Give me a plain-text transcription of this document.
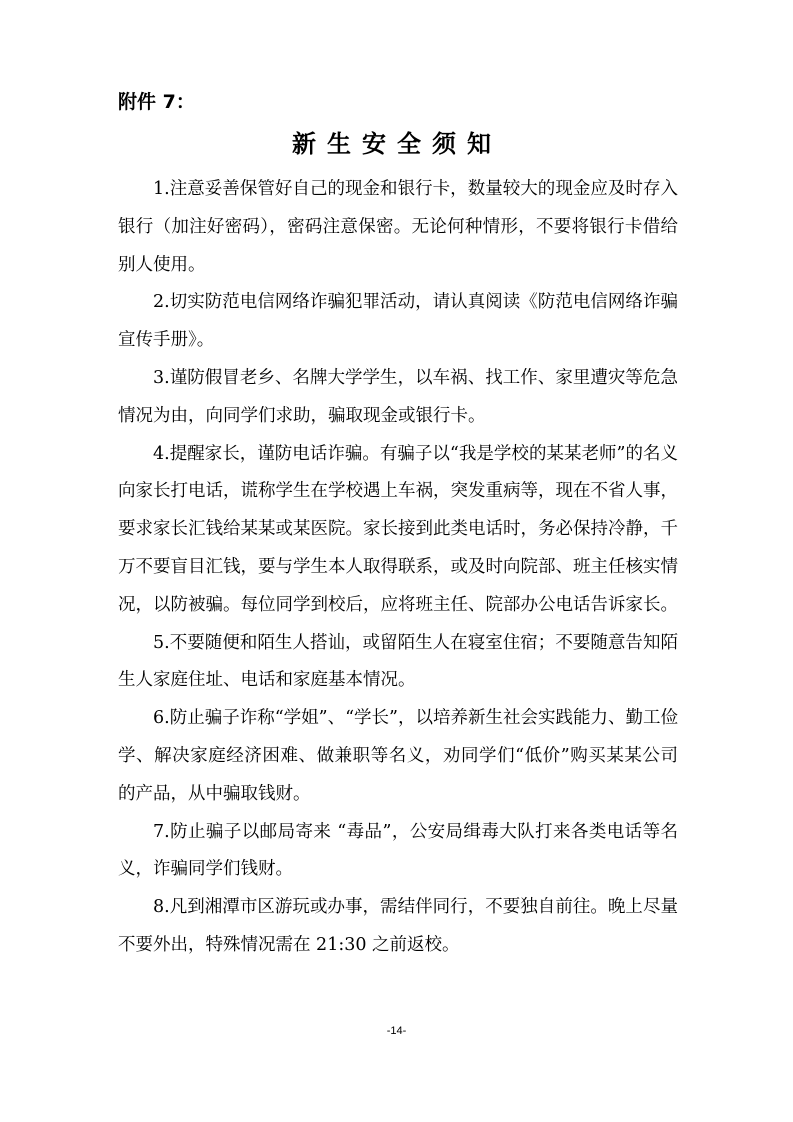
附件 7：
新生安全须知

1.注意妥善保管好自己的现金和银行卡，数量较大的现金应及时存入银行（加注好密码），密码注意保密。无论何种情形，不要将银行卡借给别人使用。

2.切实防范电信网络诈骗犯罪活动，请认真阅读《防范电信网络诈骗宣传手册》。

3.谨防假冒老乡、名牌大学学生，以车祸、找工作、家里遭灾等危急情况为由，向同学们求助，骗取现金或银行卡。

4.提醒家长，谨防电话诈骗。有骗子以“我是学校的某某老师”的名义向家长打电话，谎称学生在学校遇上车祸，突发重病等，现在不省人事，要求家长汇钱给某某或某医院。家长接到此类电话时，务必保持冷静，千万不要盲目汇钱，要与学生本人取得联系，或及时向院部、班主任核实情况，以防被骗。每位同学到校后，应将班主任、院部办公电话告诉家长。

5.不要随便和陌生人搭讪，或留陌生人在寝室住宿；不要随意告知陌生人家庭住址、电话和家庭基本情况。

6.防止骗子诈称“学姐”、“学长”，以培养新生社会实践能力、勤工俭学、解决家庭经济困难、做兼职等名义，劝同学们“低价”购买某某公司的产品，从中骗取钱财。

7.防止骗子以邮局寄来 “毒品”，公安局缉毒大队打来各类电话等名义，诈骗同学们钱财。

8.凡到湘潭市区游玩或办事，需结伴同行，不要独自前往。晚上尽量不要外出，特殊情况需在 21:30 之前返校。

-14-
